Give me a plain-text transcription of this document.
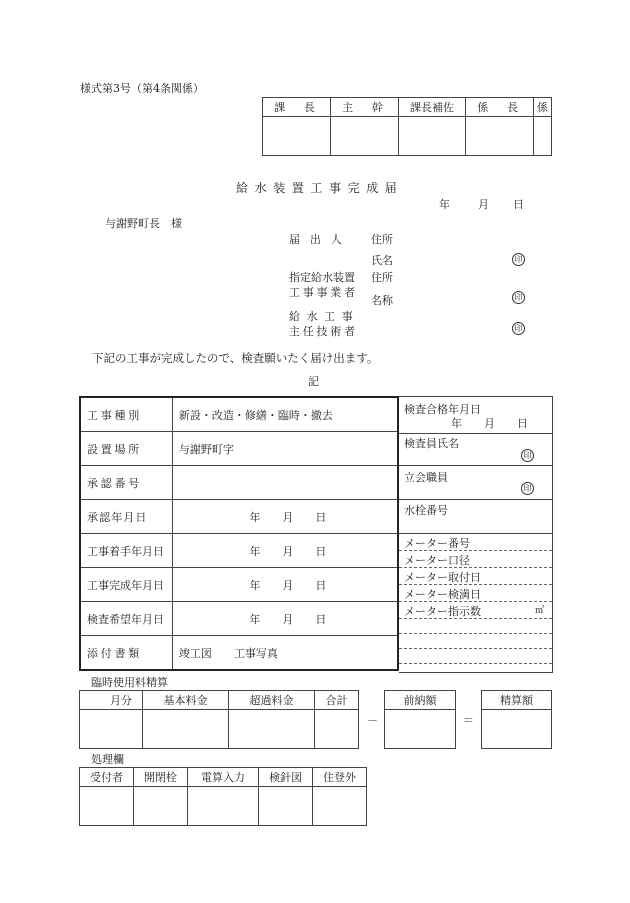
様式第3号（第4条関係）
課　長	主　幹	課長補佐	係　長	係

給水装置工事完成届
年	月 日
与謝野町長　様
届出人 住所
氏名	印
指定給水装置
工事事業者
住所
名称	印
給水工事
主任技術者	印
下記の工事が完成したので、検査願いたく届け出ます。
記
工事種別	新設・改造・修繕・臨時・撤去
設置場所	与謝野町字
承認番号	
承認年月日	年　　月　　日
工事着手年月日	年　　月　　日
工事完成年月日	年　　月　　日
検査希望年月日	年　　月　　日
添付書類	竣工図　　工事写真
検査合格年月日
年　　月　　日
検査員氏名
印
立会職員
印
水栓番号
メーター番号
メーター口径
メーター取付日
メーター検満日
メーター指示数	㎥
臨時使用料精算
月分	基本料金	超過料金	合計

－
前納額

＝
精算額

処理欄
受付者	開閉栓	電算入力	検針図	住登外
